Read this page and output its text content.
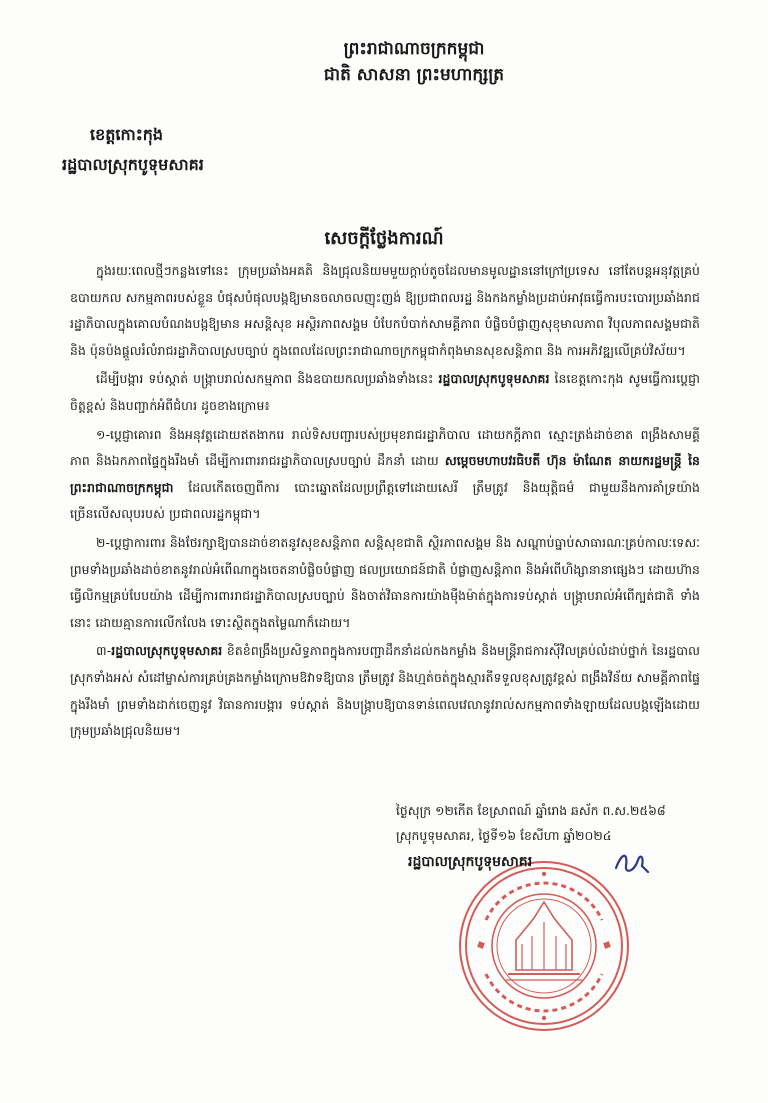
ព្រះរាជាណាចក្រកម្ពុជា
ជាតិ សាសនា ព្រះមហាក្សត្រ
ខេត្តកោះកុង
រដ្ឋបាលស្រុកបូទុមសាគរ
សេចក្តីថ្លែងការណ៍

ក្នុងរយៈពេលថ្មីៗកន្លងទៅនេះ ក្រុមប្រឆាំងអគតិ និងជ្រុលនិយមមួយក្តាប់តូចដែលមានមូលដ្ឋាននៅក្រៅប្រទេស នៅតែបន្តអនុវត្តគ្រប់ឧបាយកល សកម្មភាពរបស់ខ្លួន បំផុសបំផុលបង្កឱ្យមានចលាចលញុះញង់ ឱ្យប្រជាពលរដ្ឋ និងកងកម្លាំងប្រដាប់អាវុធធ្វើការបះបោរប្រឆាំងរាជរដ្ឋាភិបាលក្នុងគោលបំណងបង្កឱ្យមាន អសន្តិសុខ អស្ថិរភាពសង្គម បំបែកបំបាក់សាមគ្គីភាព បំផ្លិចបំផ្លាញសុខុមាលភាព វិបុលភាពសង្គមជាតិ និង ប៉ុនប៉ងផ្តួលរំលំរាជរដ្ឋាភិបាលស្របច្បាប់ ក្នុងពេលដែលព្រះរាជាណាចក្រកម្ពុជាកំពុងមានសុខសន្តិភាព និង ការអភិវឌ្ឍលើគ្រប់វិស័យ។

ដើម្បីបង្ការ ទប់ស្កាត់ បង្ក្រាបរាល់សកម្មភាព និងឧបាយកលប្រឆាំងទាំងនេះ រដ្ឋបាលស្រុកបូទុមសាគរ នៃខេត្តកោះកុង សូមធ្វើការប្តេជ្ញាចិត្តខ្ពស់ និងបញ្ជាក់អំពីជំហរ ដូចខាងក្រោម៖

១-ប្តេជ្ញាគោរព និងអនុវត្តដោយឥតងាករេ រាល់ទិសបញ្ជារបស់ប្រមុខរាជរដ្ឋាភិបាល ដោយកក្តីភាព ស្មោះត្រង់ដាច់ខាត ពង្រឹងសាមគ្គីភាព និងឯកភាពផ្ទៃក្នុងរឹងមាំ ដើម្បីការពាររាជរដ្ឋាភិបាលស្របច្បាប់ ដឹកនាំ ដោយ សម្តេចមហាបវរធិបតី ហ៊ុន ម៉ាណែត នាយករដ្ឋមន្ត្រី នៃព្រះរាជាណាចក្រកម្ពុជា ដែលកើតចេញពីការ បោះឆ្នោតដែលប្រព្រឹត្តទៅដោយសេរី ត្រឹមត្រូវ និងយុត្តិធម៌ ជាមួយនឹងការគាំទ្រយ៉ាងច្រើនលើសលុបរបស់ ប្រជាពលរដ្ឋកម្ពុជា។

២-ប្តេជ្ញាការពារ និងថែរក្សាឱ្យបានដាច់ខាតនូវសុខសន្តិភាព សន្តិសុខជាតិ ស្ថិរភាពសង្គម និង សណ្តាប់ធ្នាប់សាធារណៈគ្រប់កាលៈទេសៈ ព្រមទាំងប្រឆាំងដាច់ខាតនូវរាល់អំពើណាក្នុងចេតនាបំផ្លិចបំផ្លាញ ផលប្រយោជន៍ជាតិ បំផ្លាញសន្តិភាព និងអំពើហិង្សានានាផ្សេងៗ ដោយហ៊ានធ្វើលិកម្មគ្រប់បែបយ៉ាង ដើម្បីការពាររាជរដ្ឋាភិបាលស្របច្បាប់ និងចាត់វិធានការយ៉ាងម៉ឺងម៉ាត់ក្នុងការទប់ស្កាត់ បង្ក្រាបរាល់អំពើក្បត់ជាតិ ទាំងនោះ ដោយគ្មានការលើកលែង ទោះស្ថិតក្នុងតម្លៃណាក៏ដោយ។

៣-រដ្ឋបាលស្រុកបូទុមសាគរ ខិតខំពង្រឹងប្រសិទ្ធភាពក្នុងការបញ្ជាដឹកនាំដល់កងកម្លាំង និងមន្ត្រីរាជការស៊ីវិលគ្រប់លំដាប់ថ្នាក់ នៃរដ្ឋបាលស្រុកទាំងអស់ សំដៅម្ចាស់ការគ្រប់គ្រងកម្លាំងក្រោមឱវាទឱ្យបាន ត្រឹមត្រូវ និងហ្មត់ចត់ក្នុងស្មារតីទទួលខុសត្រូវខ្ពស់ ពង្រឹងវិន័យ សាមគ្គីភាពផ្ទៃក្នុងរឹងមាំ ព្រមទាំងដាក់ចេញនូវ វិធានការបង្ការ ទប់ស្កាត់ និងបង្ក្រាបឱ្យបានទាន់ពេលវេលានូវរាល់សកម្មភាពទាំងឡាយដែលបង្កឡើងដោយក្រុមប្រឆាំងជ្រុលនិយម។

ថ្ងៃសុក្រ ១២កើត ខែស្រាពណ៍ ឆ្នាំរោង ឆស័ក ព.ស.២៥៦៨
ស្រុកបូទុមសាគរ, ថ្ងៃទី១៦ ខែសីហា ឆ្នាំ២០២៤
រដ្ឋបាលស្រុកបូទុមសាគរ
